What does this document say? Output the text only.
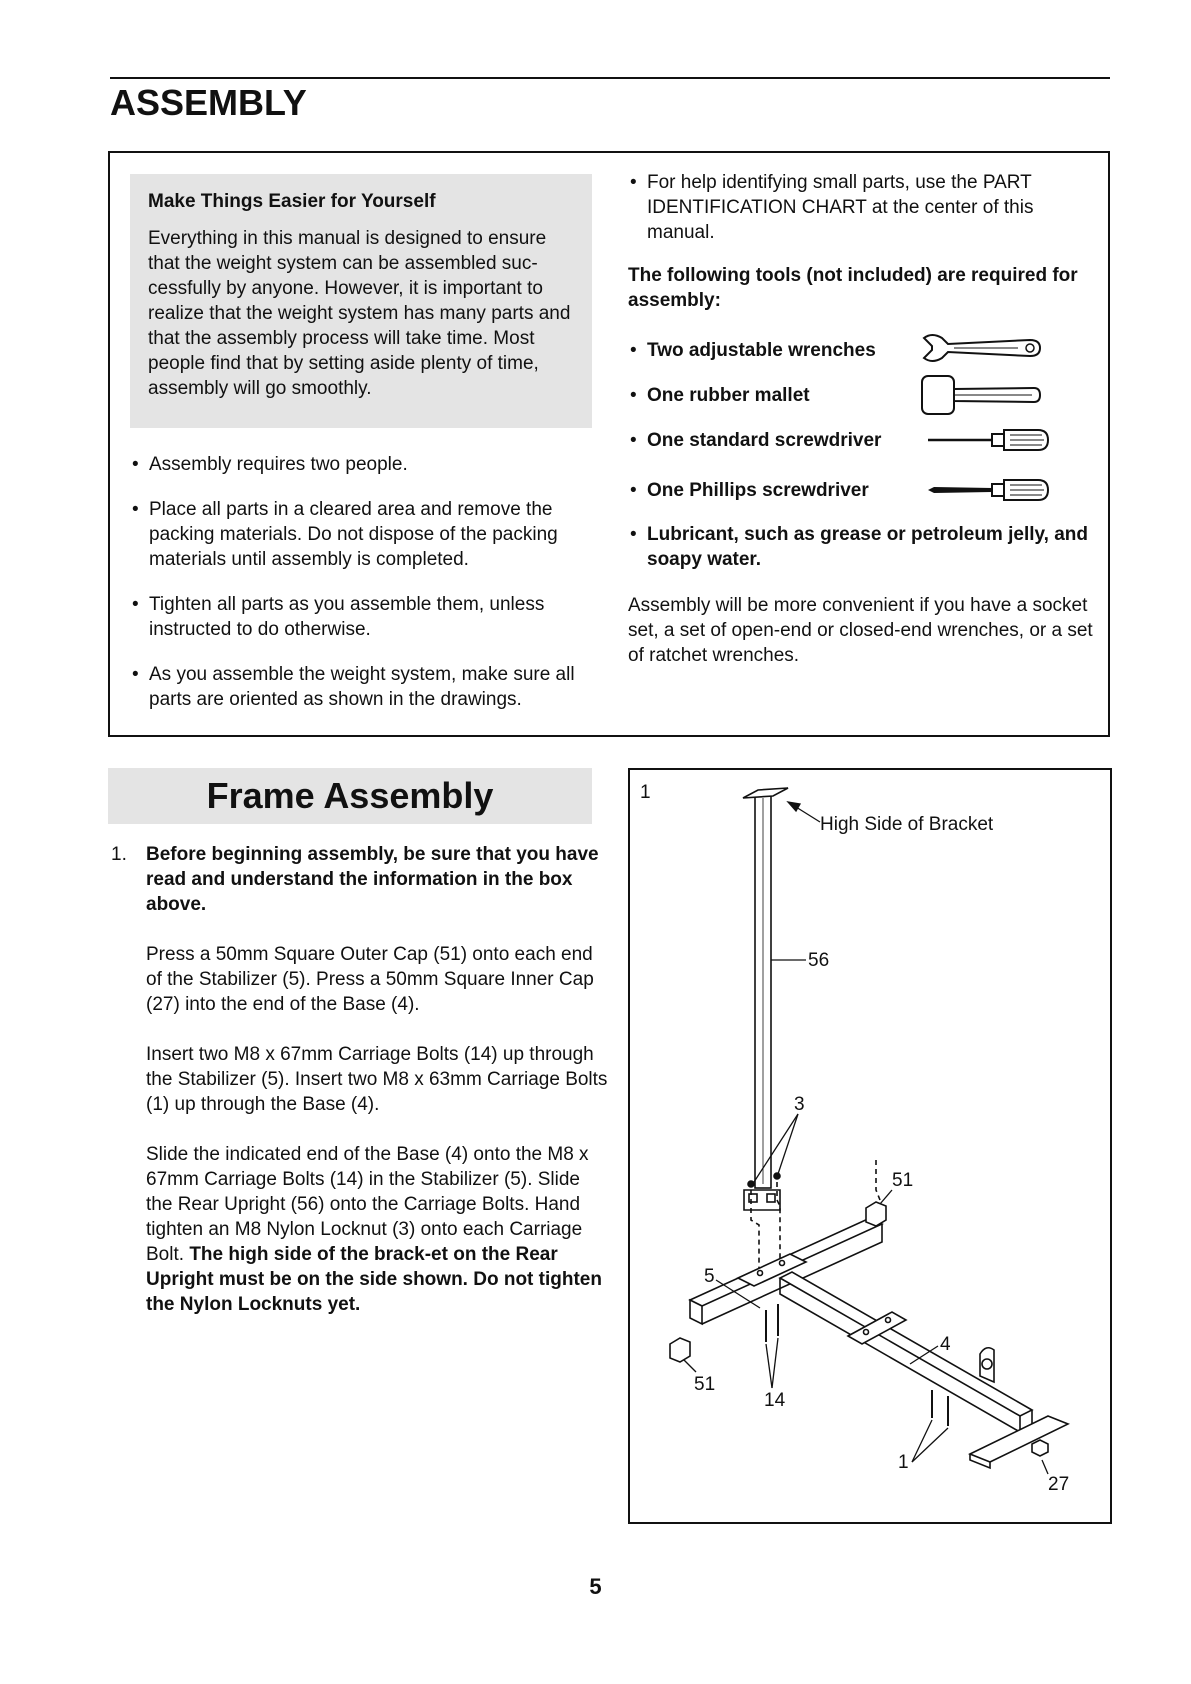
ASSEMBLY

Make Things Easier for Yourself

Everything in this manual is designed to ensure that the weight system can be assembled suc-cessfully by anyone. However, it is important to realize that the weight system has many parts and that the assembly process will take time. Most people find that by setting aside plenty of time, assembly will go smoothly.

• Assembly requires two people.
• Place all parts in a cleared area and remove the packing materials. Do not dispose of the packing materials until assembly is completed.
• Tighten all parts as you assemble them, unless instructed to do otherwise.
• As you assemble the weight system, make sure all parts are oriented as shown in the drawings.
• For help identifying small parts, use the PART IDENTIFICATION CHART at the center of this manual.

The following tools (not included) are required for assembly:

• Two adjustable wrenches
• One rubber mallet
• One standard screwdriver
• One Phillips screwdriver
• Lubricant, such as grease or petroleum jelly, and soapy water.

Assembly will be more convenient if you have a socket set, a set of open-end or closed-end wrenches, or a set of ratchet wrenches.

Frame Assembly
1. Before beginning assembly, be sure that you have read and understand the information in the box above.

Press a 50mm Square Outer Cap (51) onto each end of the Stabilizer (5). Press a 50mm Square Inner Cap (27) into the end of the Base (4).

Insert two M8 x 67mm Carriage Bolts (14) up through the Stabilizer (5). Insert two M8 x 63mm Carriage Bolts (1) up through the Base (4).

Slide the indicated end of the Base (4) onto the M8 x 67mm Carriage Bolts (14) in the Stabilizer (5). Slide the Rear Upright (56) onto the Carriage Bolts. Hand tighten an M8 Nylon Locknut (3) onto each Carriage Bolt. The high side of the brack-et on the Rear Upright must be on the side shown. Do not tighten the Nylon Locknuts yet.

1
High Side of Bracket
56
3
51
5
4
51
14
1
27
5
